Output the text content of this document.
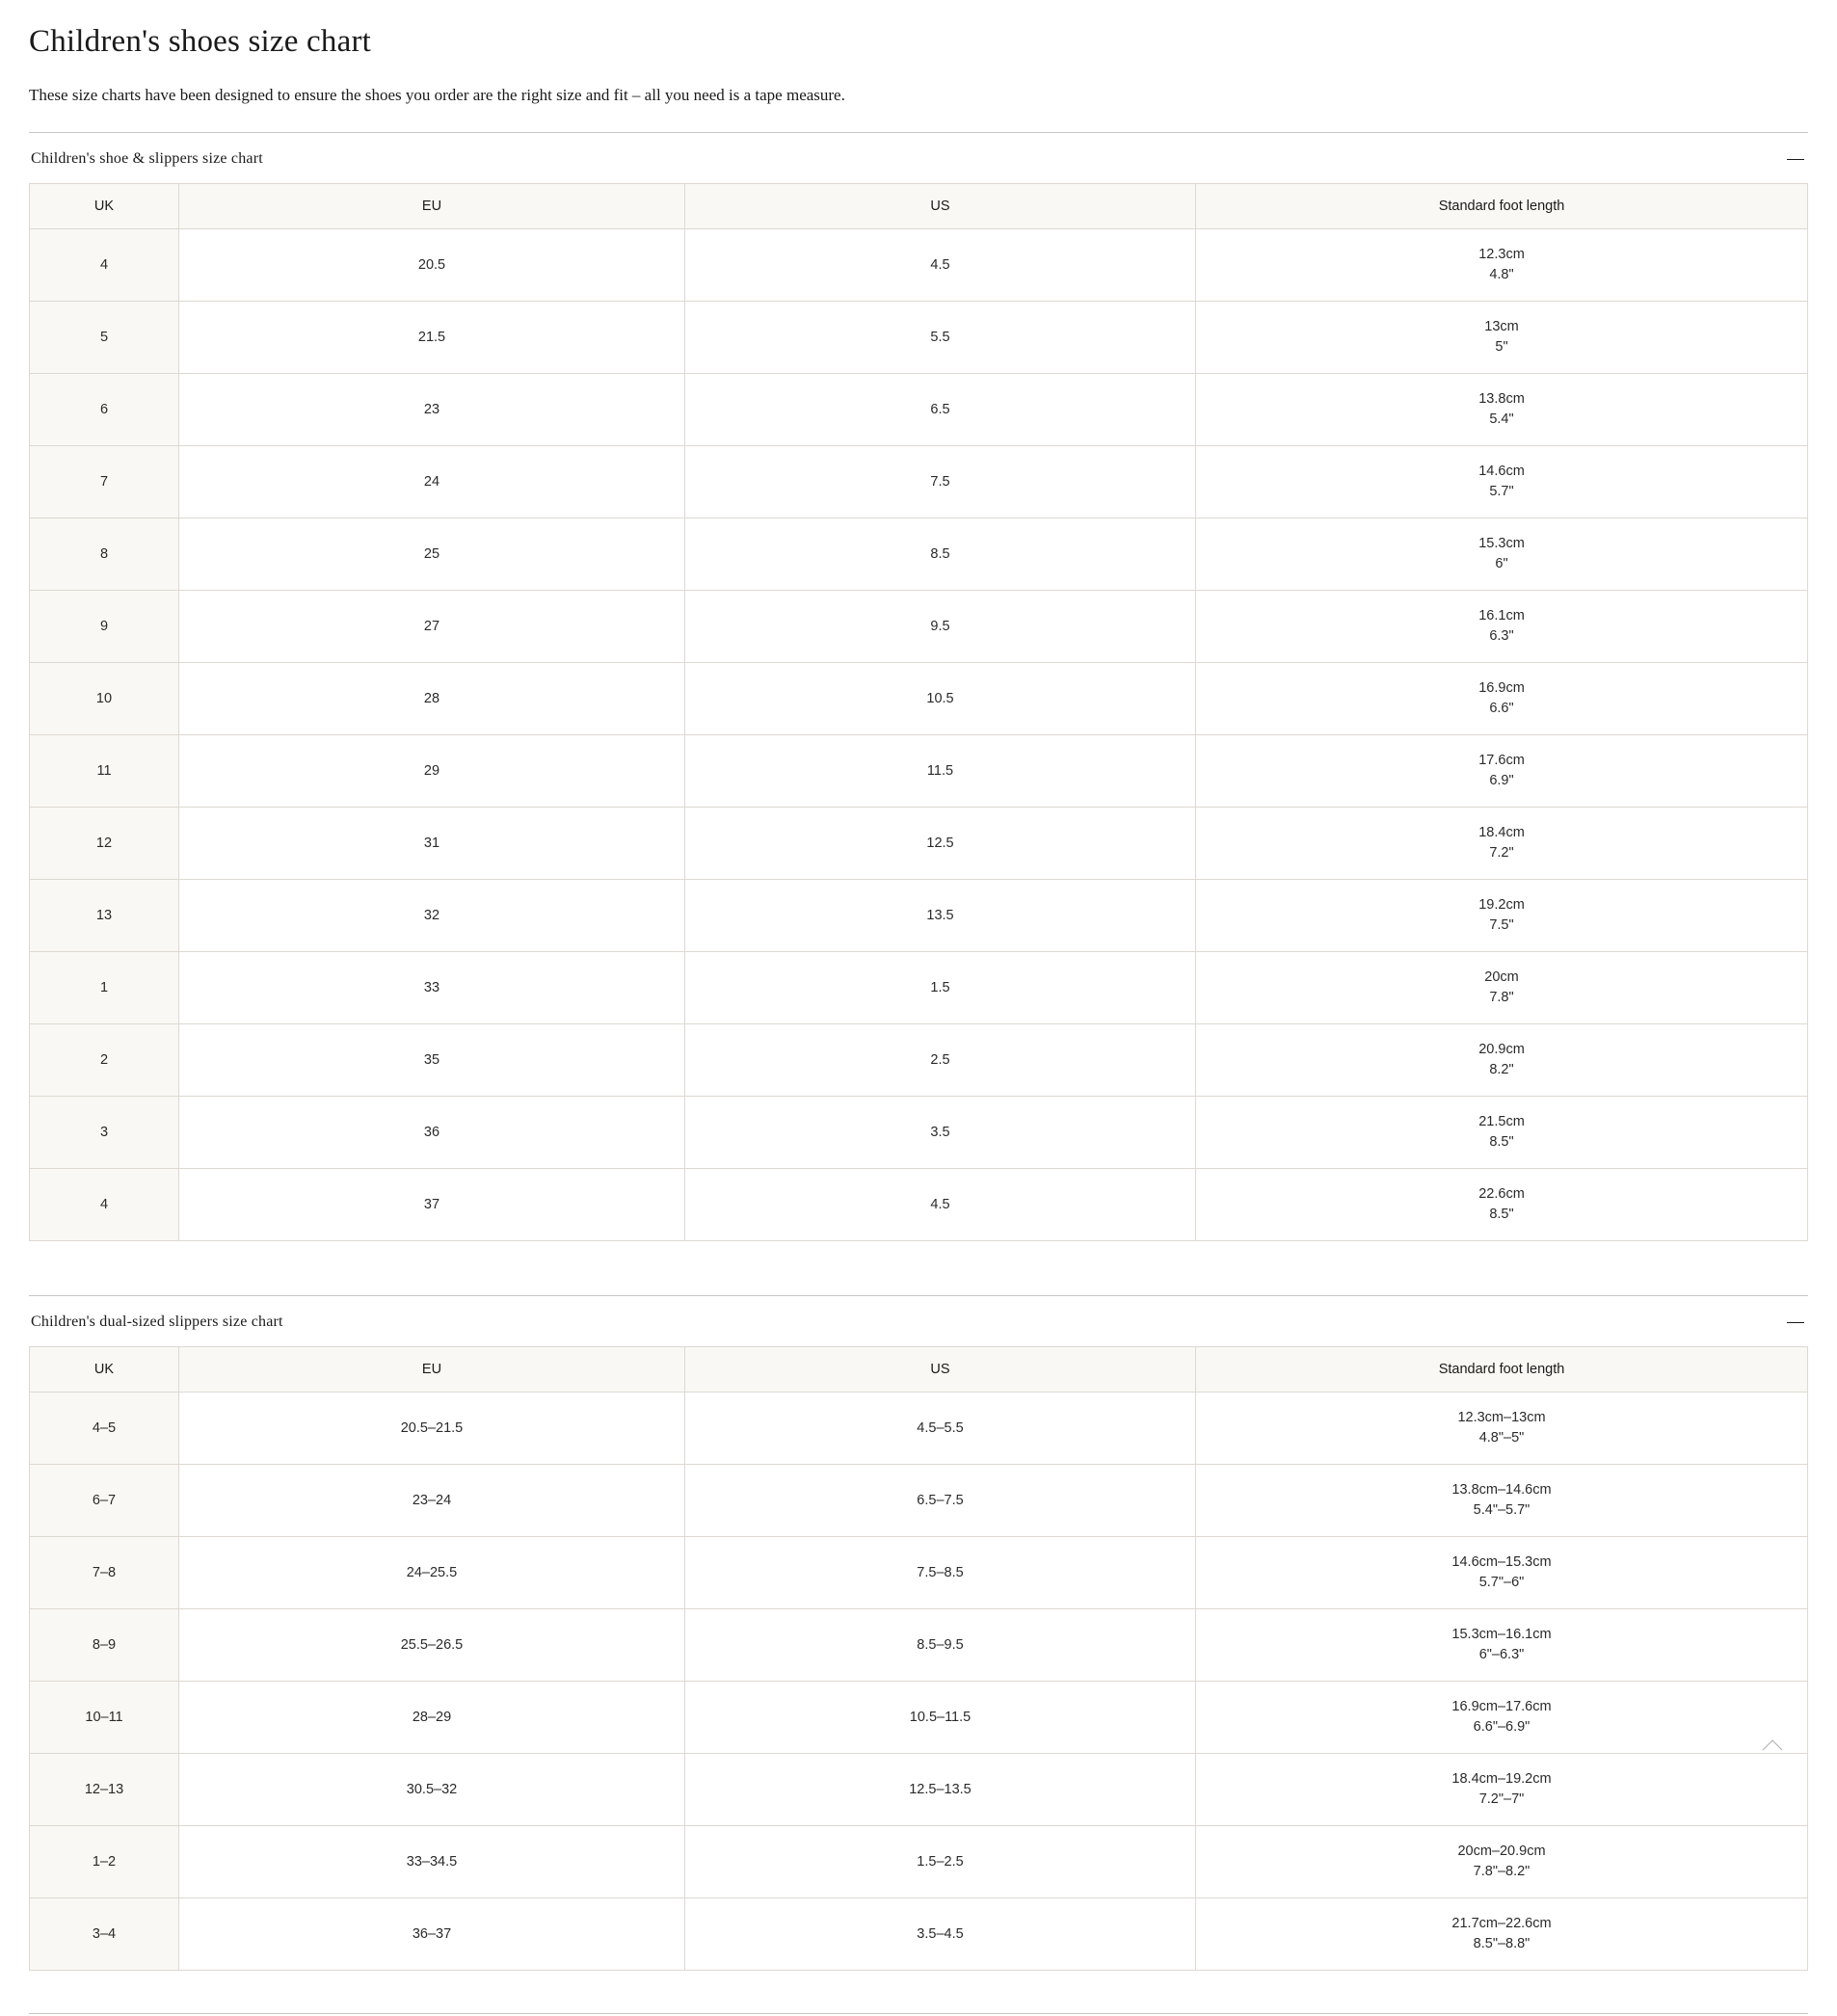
Children's shoes size chart

These size charts have been designed to ensure the shoes you order are the right size and fit – all you need is a tape measure.

Children's shoe & slippers size chart
UK	EU	US	Standard foot length
4	20.5	4.5	12.3cm
4.8"

5	21.5	5.5	13cm
5"

6	23	6.5	13.8cm
5.4"

7	24	7.5	14.6cm
5.7"

8	25	8.5	15.3cm
6"

9	27	9.5	16.1cm
6.3"

10	28	10.5	16.9cm
6.6"

11	29	11.5	17.6cm
6.9"

12	31	12.5	18.4cm
7.2"

13	32	13.5	19.2cm
7.5"

1	33	1.5	20cm
7.8"

2	35	2.5	20.9cm
8.2"

3	36	3.5	21.5cm
8.5"

4	37	4.5	22.6cm
8.5"
Children's dual-sized slippers size chart
UK	EU	US	Standard foot length
4–5	20.5–21.5	4.5–5.5	12.3cm–13cm
4.8"–5"

6–7	23–24	6.5–7.5	13.8cm–14.6cm
5.4"–5.7"

7–8	24–25.5	7.5–8.5	14.6cm–15.3cm
5.7"–6"

8–9	25.5–26.5	8.5–9.5	15.3cm–16.1cm
6"–6.3"

10–11	28–29	10.5–11.5	16.9cm–17.6cm
6.6"–6.9"

12–13	30.5–32	12.5–13.5	18.4cm–19.2cm
7.2"–7"

1–2	33–34.5	1.5–2.5	20cm–20.9cm
7.8"–8.2"

3–4	36–37	3.5–4.5	21.7cm–22.6cm
8.5"–8.8"
